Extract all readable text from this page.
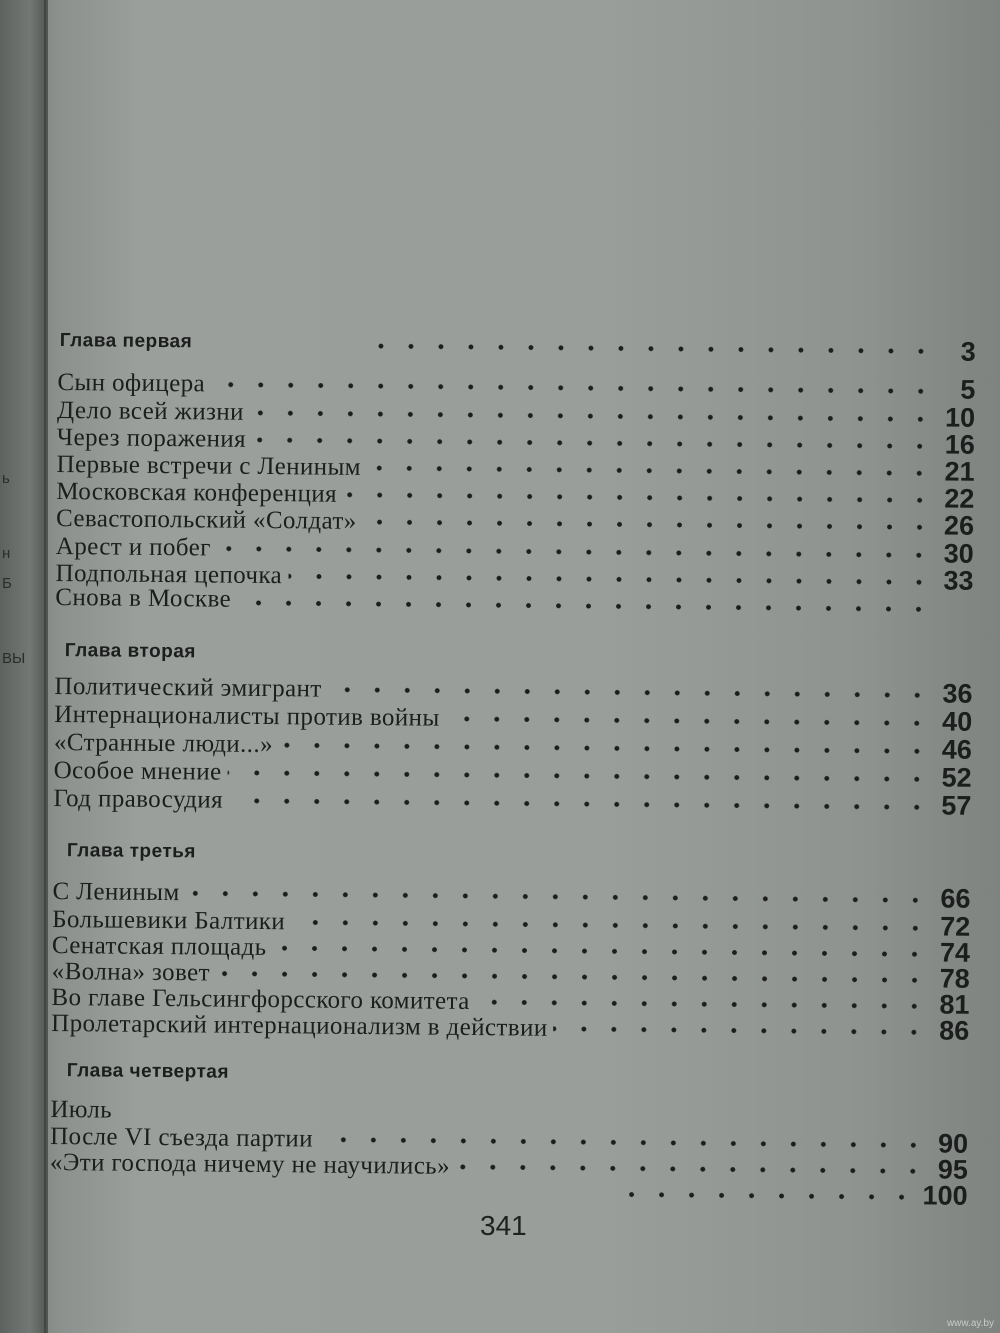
ь
н
Б
ВЫ
Глава первая	3
Сын офицера	5
Дело всей жизни	10
Через поражения	16
Первые встречи с Лениным	21
Московская конференция	22
Севастопольский «Солдат»	26
Арест и побег	30
Подпольная цепочка	33
Снова в Москве
Глава вторая
Политический эмигрант	36
Интернационалисты против войны	40
«Странные люди...»	46
Особое мнение	52
Год правосудия	57
Глава третья
С Лениным	66
Большевики Балтики	72
Сенатская площадь	74
«Волна» зовет	78
Во главе Гельсингфорсского комитета	81
Пролетарский интернационализм в действии	86
Глава четвертая
Июль
После VI съезда партии	90
«Эти господа ничему не научились»	95
100
341
www.ay.by
